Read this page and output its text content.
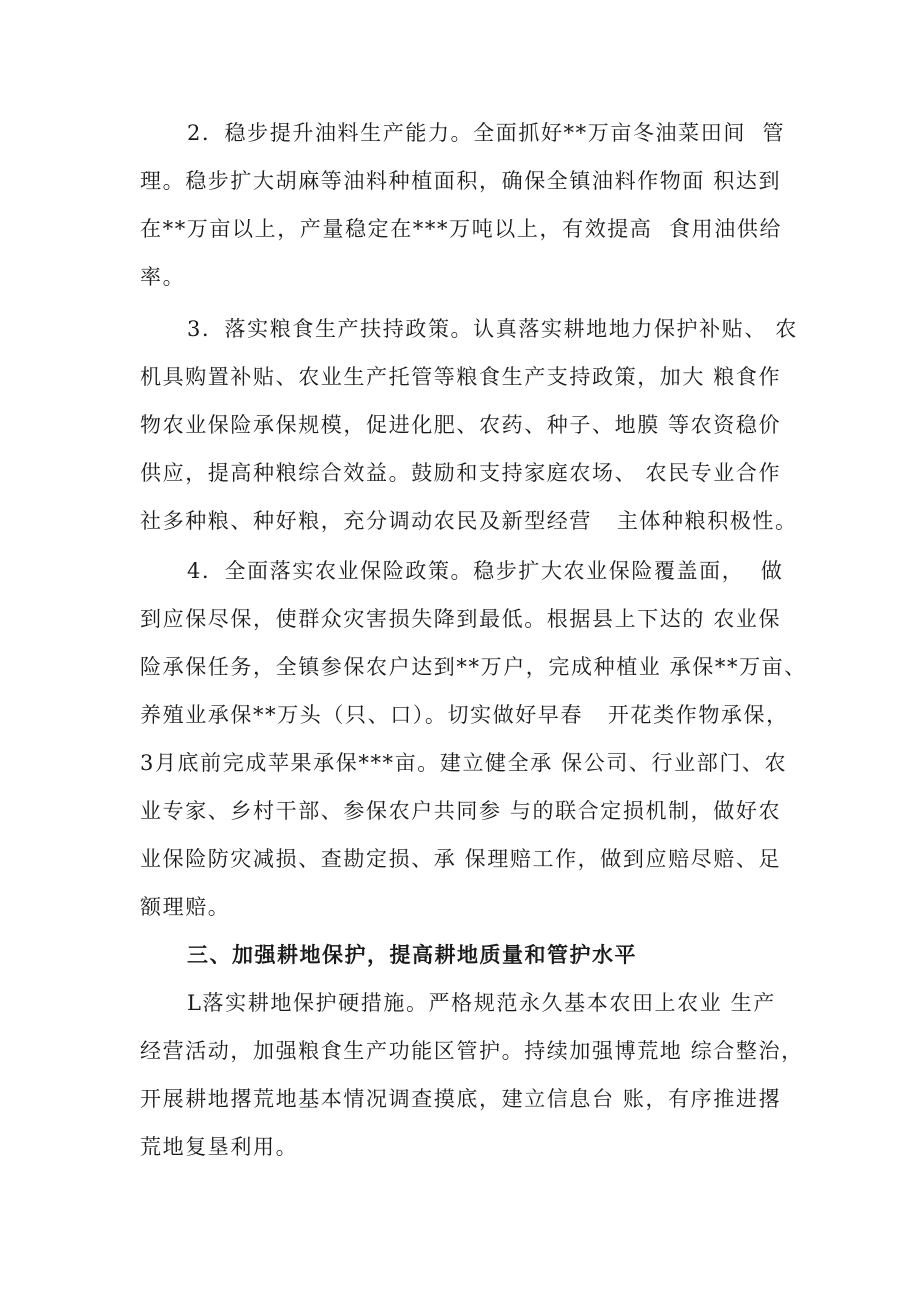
2．稳步提升油料生产能力。全面抓好**万亩冬油菜田间  管
理。稳步扩大胡麻等油料种植面积，确保全镇油料作物面 积达到
在**万亩以上，产量稳定在***万吨以上，有效提高  食用油供给
率。
3．落实粮食生产扶持政策。认真落实耕地地力保护补贴、 农
机具购置补贴、农业生产托管等粮食生产支持政策，加大 粮食作
物农业保险承保规模，促进化肥、农药、种子、地膜 等农资稳价
供应，提高种粮综合效益。鼓励和支持家庭农场、 农民专业合作
社多种粮、种好粮，充分调动农民及新型经营   主体种粮积极性。
4．全面落实农业保险政策。稳步扩大农业保险覆盖面，  做
到应保尽保，使群众灾害损失降到最低。根据县上下达的 农业保
险承保任务，全镇参保农户达到**万户，完成种植业 承保**万亩、
养殖业承保**万头（只、口）。切实做好早春   开花类作物承保，
3月底前完成苹果承保***亩。建立健全承 保公司、行业部门、农
业专家、乡村干部、参保农户共同参 与的联合定损机制，做好农
业保险防灾减损、查勘定损、承 保理赔工作，做到应赔尽赔、足
额理赔。
三、加强耕地保护，提高耕地质量和管护水平
L落实耕地保护硬措施。严格规范永久基本农田上农业 生产
经营活动，加强粮食生产功能区管护。持续加强博荒地 综合整治，
开展耕地撂荒地基本情况调查摸底，建立信息台 账，有序推进撂
荒地复垦利用。
